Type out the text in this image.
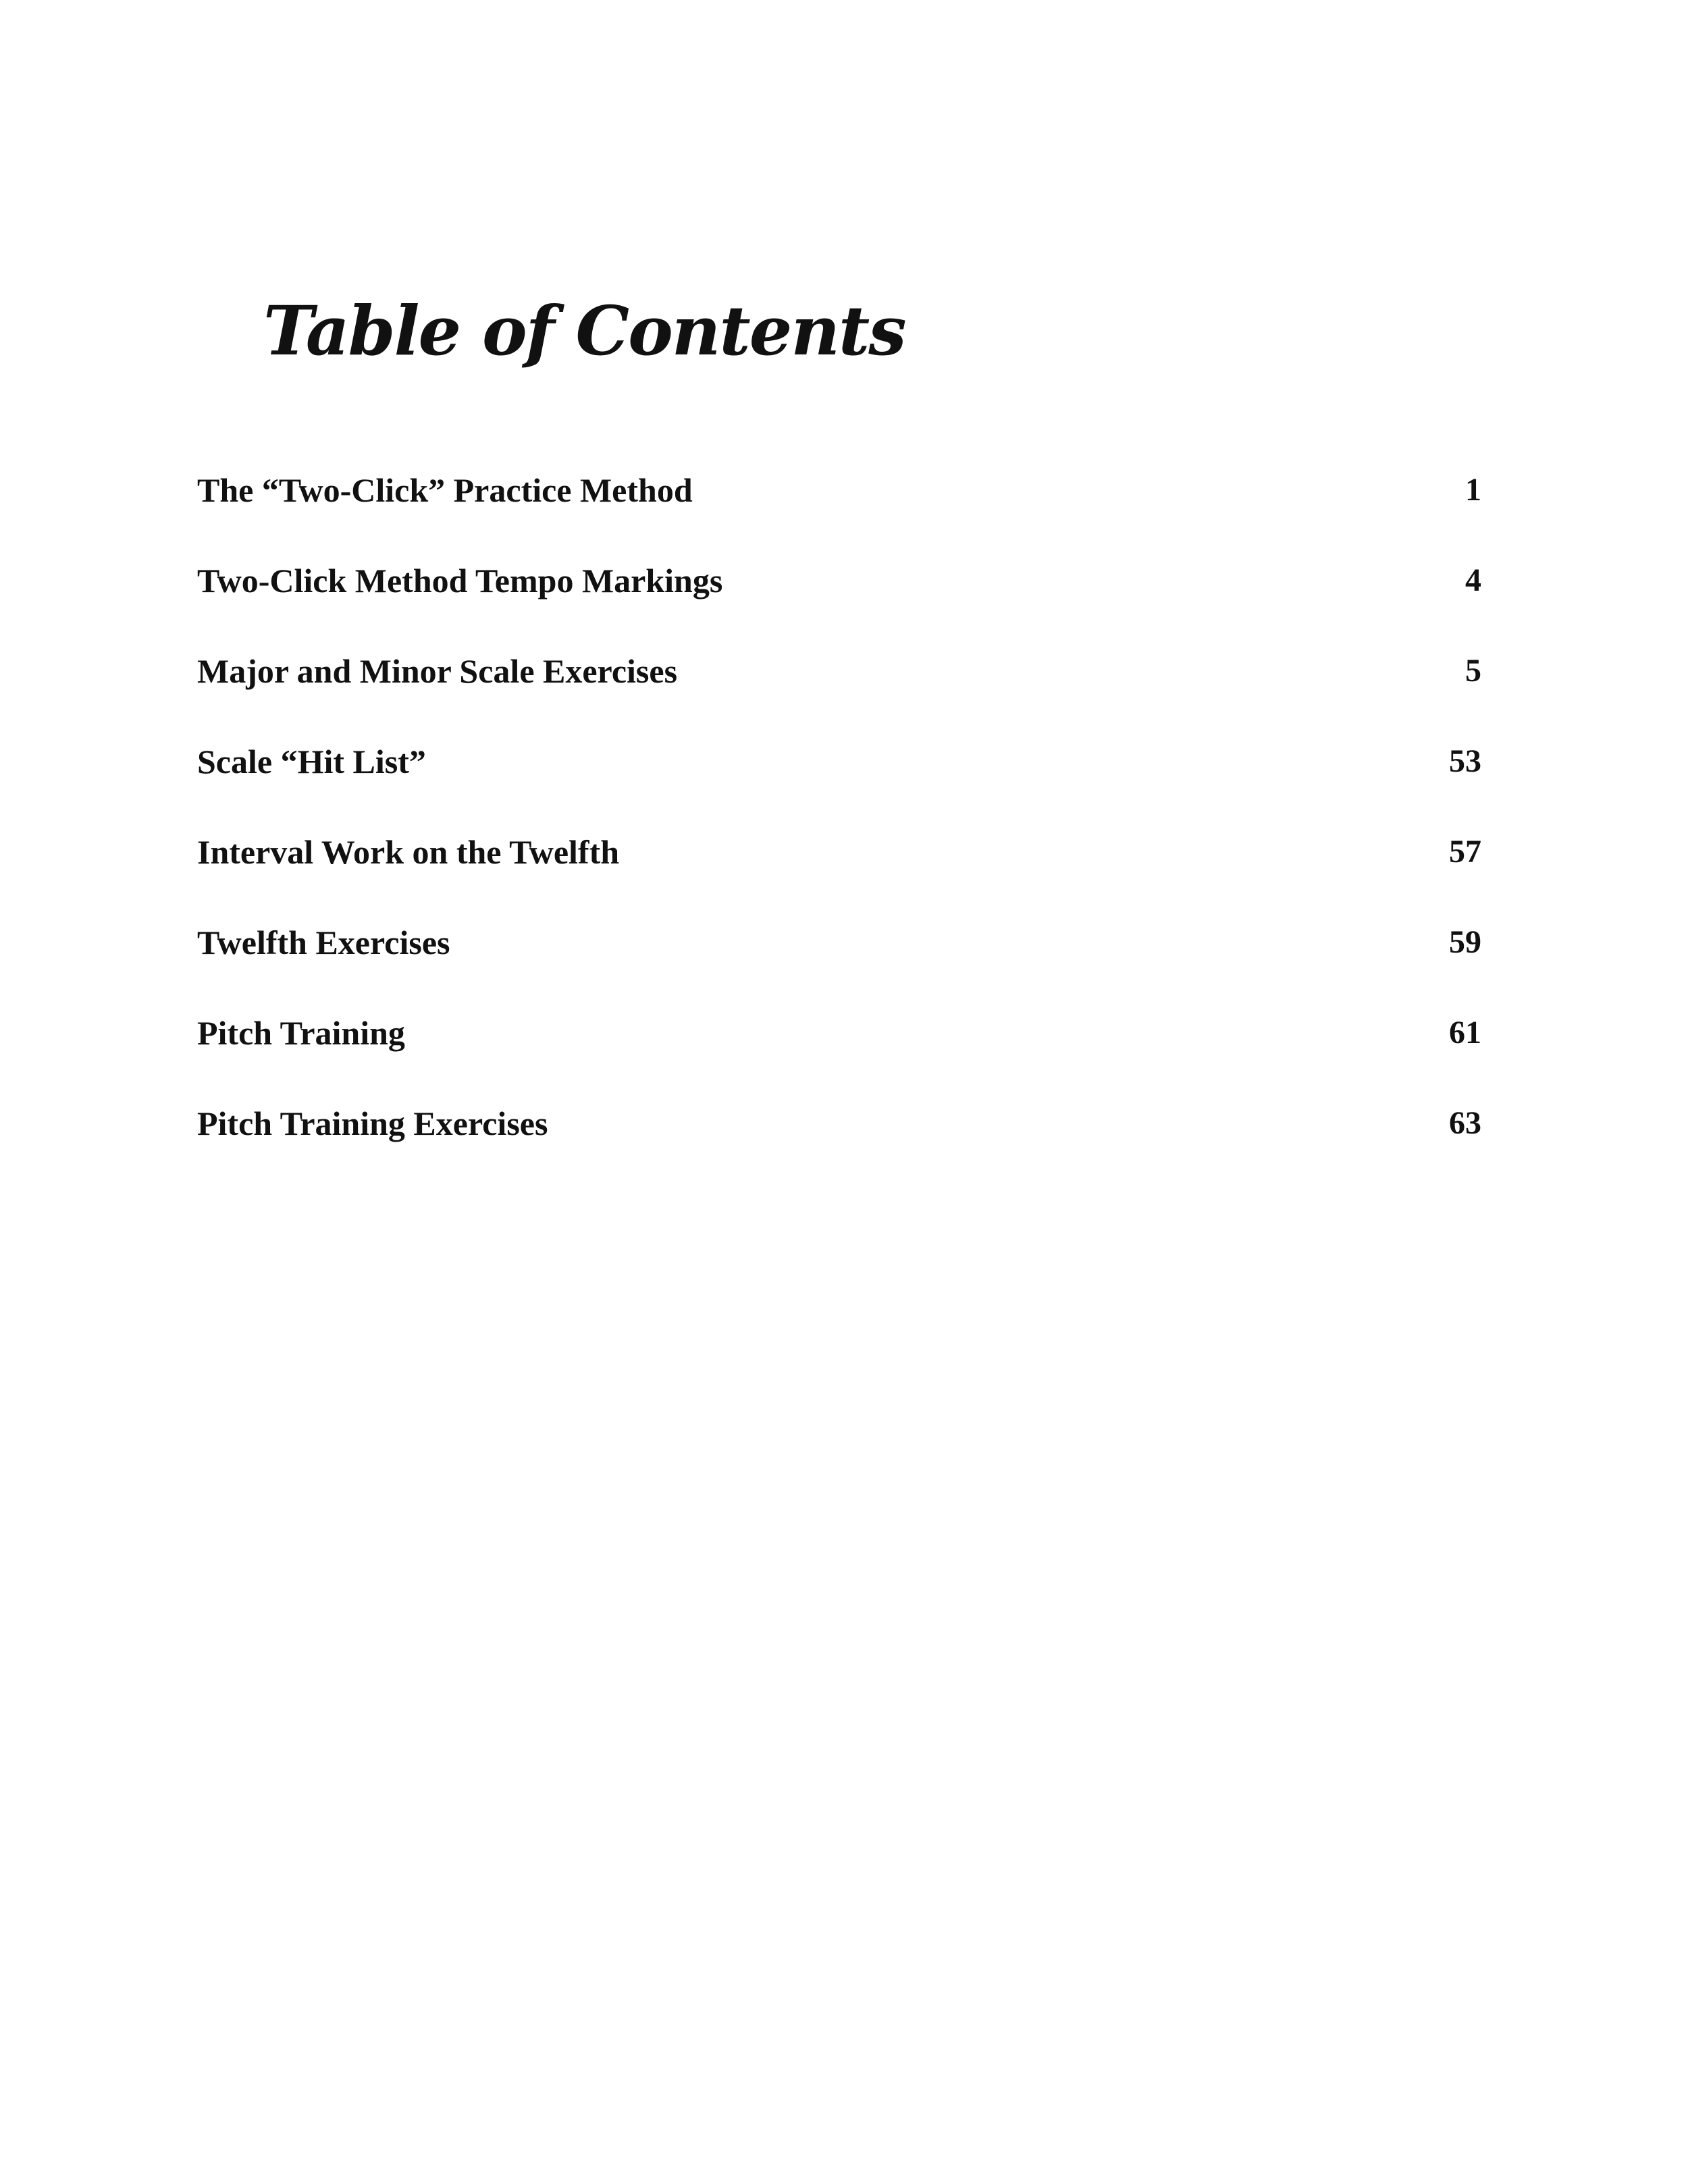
Table of Contents
The “Two-Click” Practice Method	1
Two-Click Method Tempo Markings	4
Major and Minor Scale Exercises	5
Scale “Hit List”	53
Interval Work on the Twelfth	57
Twelfth Exercises	59
Pitch Training	61
Pitch Training Exercises	63
